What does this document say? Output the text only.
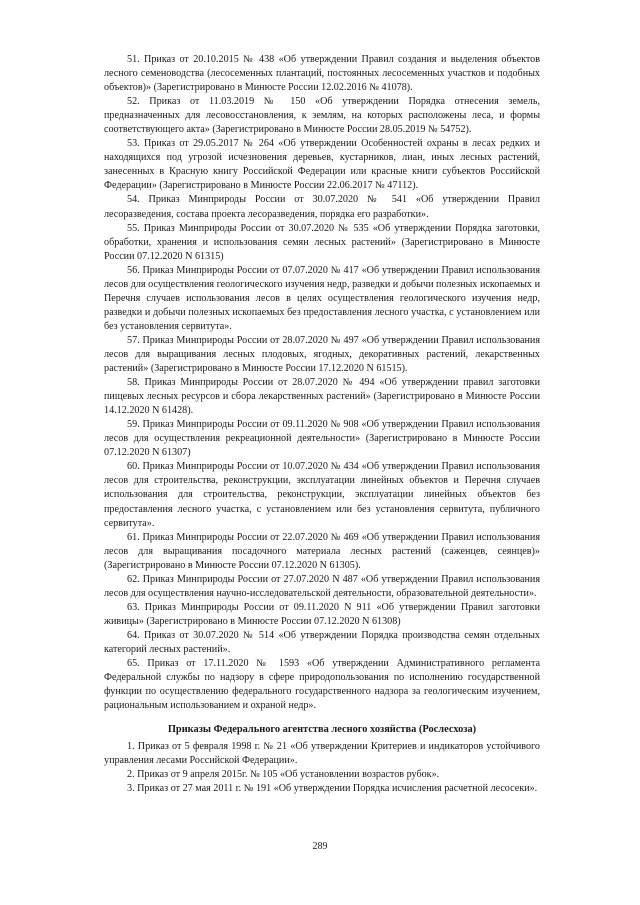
51. Приказ от 20.10.2015 № 438 «Об утверждении Правил создания и выделения объектов лесного семеноводства (лесосеменных плантаций, постоянных лесосеменных участков и подобных объектов)» (Зарегистрировано в Минюсте России 12.02.2016 № 41078).

52. Приказ от 11.03.2019 № 150 «Об утверждении Порядка отнесения земель, предназначенных для лесовосстановления, к землям, на которых расположены леса, и формы соответствующего акта» (Зарегистрировано в Минюсте России 28.05.2019 № 54752).

53. Приказ от 29.05.2017 № 264 «Об утверждении Особенностей охраны в лесах редких и находящихся под угрозой исчезновения деревьев, кустарников, лиан, иных лесных растений, занесенных в Красную книгу Российской Федерации или красные книги субъектов Российской Федерации» (Зарегистрировано в Минюсте России 22.06.2017 № 47112).

54. Приказ Минприроды России от 30.07.2020 № 541 «Об утверждении Правил лесоразведения, состава проекта лесоразведения, порядка его разработки».

55. Приказ Минприроды России от 30.07.2020 № 535 «Об утверждении Порядка заготовки, обработки, хранения и использования семян лесных растений» (Зарегистрировано в Минюсте России 07.12.2020 N 61315)

56. Приказ Минприроды России от 07.07.2020 № 417 «Об утверждении Правил использования лесов для осуществления геологического изучения недр, разведки и добычи полезных ископаемых и Перечня случаев использования лесов в целях осуществления геологического изучения недр, разведки и добычи полезных ископаемых без предоставления лесного участка, с установлением или без установления сервитута».

57. Приказ Минприроды России от 28.07.2020 № 497 «Об утверждении Правил использования лесов для выращивания лесных плодовых, ягодных, декоративных растений, лекарственных растений» (Зарегистрировано в Минюсте России 17.12.2020 N 61515).

58. Приказ Минприроды России от 28.07.2020 № 494 «Об утверждении правил заготовки пищевых лесных ресурсов и сбора лекарственных растений» (Зарегистрировано в Минюсте России 14.12.2020 N 61428).

59. Приказ Минприроды России от 09.11.2020 № 908 «Об утверждении Правил использования лесов для осуществления рекреационной деятельности» (Зарегистрировано в Минюсте России 07.12.2020 N 61307)

60. Приказ Минприроды России от 10.07.2020 № 434 «Об утверждении Правил использования лесов для строительства, реконструкции, эксплуатации линейных объектов и Перечня случаев использования для строительства, реконструкции, эксплуатации линейных объектов без предоставления лесного участка, с установлением или без установления сервитута, публичного сервитута».

61. Приказ Минприроды России от 22.07.2020 № 469 «Об утверждении Правил использования лесов для выращивания посадочного материала лесных растений (саженцев, сеянцев)» (Зарегистрировано в Минюсте России 07.12.2020 N 61305).

62. Приказ Минприроды России от 27.07.2020 N 487 «Об утверждении Правил использования лесов для осуществления научно-исследовательской деятельности, образовательной деятельности».

63. Приказ Минприроды России от 09.11.2020 N 911 «Об утверждении Правил заготовки живицы» (Зарегистрировано в Минюсте России 07.12.2020 N 61308)

64. Приказ от 30.07.2020 № 514 «Об утверждении Порядка производства семян отдельных категорий лесных растений».

65. Приказ от 17.11.2020 № 1593 «Об утверждении Административного регламента Федеральной службы по надзору в сфере природопользования по исполнению государственной функции по осуществлению федерального государственного надзора за геологическим изучением, рациональным использованием и охраной недр».

Приказы Федерального агентства лесного хозяйства (Рослесхоза)

1. Приказ от 5 февраля 1998 г. № 21 «Об утверждении Критериев и индикаторов устойчивого управления лесами Российской Федерации».

2. Приказ от 9 апреля 2015г. № 105 «Об установлении возрастов рубок».

3. Приказ от 27 мая 2011 г. № 191 «Об утверждении Порядка исчисления расчетной лесосеки».

289
